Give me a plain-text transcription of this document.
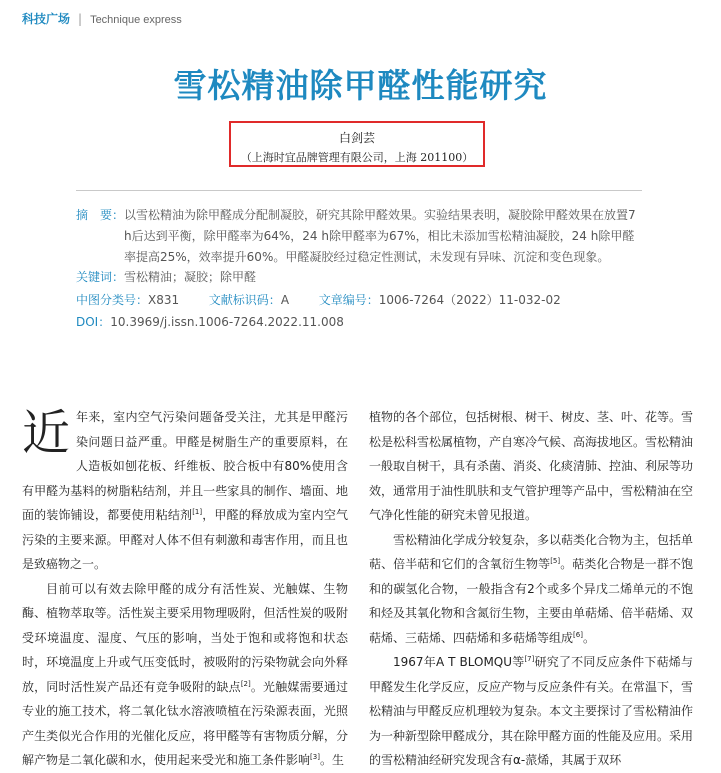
科技广场 | Technique express
雪松精油除甲醛性能研究
白剑芸
（上海时宜品牌管理有限公司，上海 201100）
摘　要： 以雪松精油为除甲醛成分配制凝胶，研究其除甲醛效果。实验结果表明，凝胶除甲醛效果在放置7 h后达到平衡，除甲醛率为64%，24 h除甲醛率为67%，相比未添加雪松精油凝胶，24 h除甲醛率提高25%，效率提升60%。甲醛凝胶经过稳定性测试，未发现有异味、沉淀和变色现象。
关键词：雪松精油；凝胶；除甲醛
中图分类号：X831 文献标识码：A 文章编号：1006-7264（2022）11-032-02
DOI：10.3969/j.issn.1006-7264.2022.11.008

近年来，室内空气污染问题备受关注，尤其是甲醛污染问题日益严重。甲醛是树脂生产的重要原料，在人造板如刨花板、纤维板、胶合板中有80%使用含有甲醛为基料的树脂粘结剂，并且一些家具的制作、墙面、地面的装饰铺设，都要使用粘结剂[1]，甲醛的释放成为室内空气污染的主要来源。甲醛对人体不但有刺激和毒害作用，而且也是致癌物之一。

目前可以有效去除甲醛的成分有活性炭、光触媒、生物酶、植物萃取等。活性炭主要采用物理吸附，但活性炭的吸附受环境温度、湿度、气压的影响，当处于饱和或将饱和状态时，环境温度上升或气压变低时，被吸附的污染物就会向外释放，同时活性炭产品还有竞争吸附的缺点[2]。光触媒需要通过专业的施工技术，将二氧化钛水溶液喷植在污染源表面，光照产生类似光合作用的光催化反应，将甲醛等有害物质分解，分解产物是二氧化碳和水，使用起来受光和施工条件影响[3]。生

植物的各个部位，包括树根、树干、树皮、茎、叶、花等。雪松是松科雪松属植物，产自寒冷气候、高海拔地区。雪松精油一般取自树干，具有杀菌、消炎、化痰清肺、控油、利尿等功效，通常用于油性肌肤和支气管护理等产品中，雪松精油在空气净化性能的研究未曾见报道。

雪松精油化学成分较复杂，多以萜类化合物为主，包括单萜、倍半萜和它们的含氧衍生物等[5]。萜类化合物是一群不饱和的碳氢化合物，一般指含有2个或多个异戊二烯单元的不饱和烃及其氧化物和含氮衍生物，主要由单萜烯、倍半萜烯、双萜烯、三萜烯、四萜烯和多萜烯等组成[6]。

1967年A T BLOMQU等[7]研究了不同反应条件下萜烯与甲醛发生化学反应，反应产物与反应条件有关。在常温下，雪松精油与甲醛反应机理较为复杂。本文主要探讨了雪松精油作为一种新型除甲醛成分，其在除甲醛方面的性能及应用。采用的雪松精油经研究发现含有α-蒎烯，其属于双环
